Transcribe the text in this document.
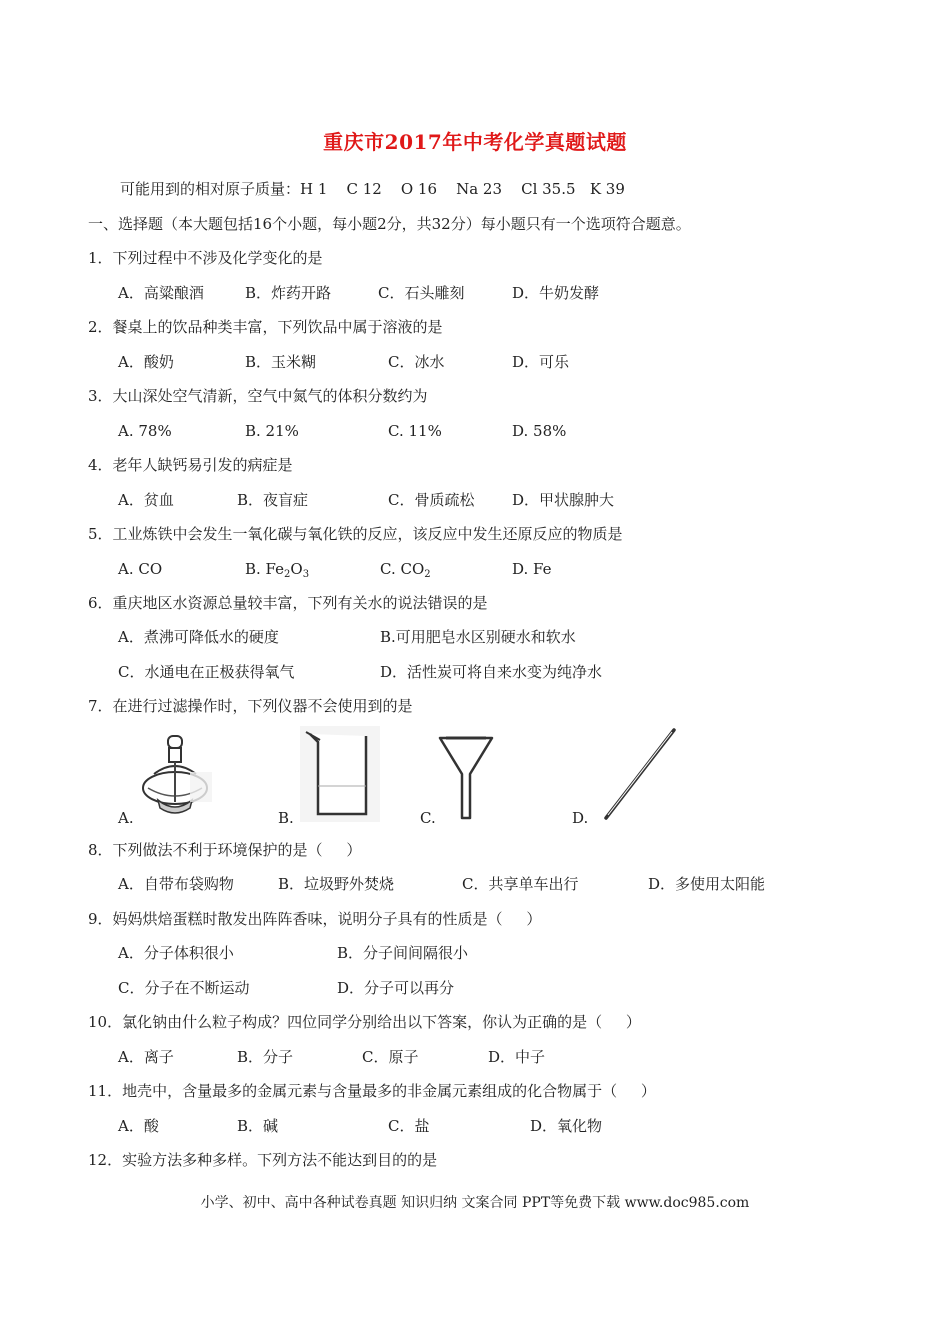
重庆市2017年中考化学真题试题
可能用到的相对原子质量：H 1    C 12    O 16    Na 23    Cl 35.5   K 39
一、选择题（本大题包括16个小题，每小题2分，共32分）每小题只有一个选项符合题意。
1．下列过程中不涉及化学变化的是
A．高粱酿酒	B．炸药开路	C．石头雕刻	D．牛奶发酵
2．餐桌上的饮品种类丰富，下列饮品中属于溶液的是
A．酸奶	B．玉米糊	C．冰水	D．可乐
3．大山深处空气清新，空气中氮气的体积分数约为
A. 78%	B. 21%	C. 11%	D. 58%
4．老年人缺钙易引发的病症是
A．贫血	B．夜盲症	C．骨质疏松	D．甲状腺肿大
5．工业炼铁中会发生一氧化碳与氧化铁的反应，该反应中发生还原反应的物质是
A. CO	B. $Fe_2O_3$	C. $CO_2$	D. Fe
6．重庆地区水资源总量较丰富，下列有关水的说法错误的是
A．煮沸可降低水的硬度	B.可用肥皂水区别硬水和软水
C．水通电在正极获得氧气	D．活性炭可将自来水变为纯净水
7．在进行过滤操作时，下列仪器不会使用到的是
A.	B.	C.	D.
8．下列做法不利于环境保护的是（     ）
A．自带布袋购物	B．垃圾野外焚烧	C．共享单车出行	D．多使用太阳能
9．妈妈烘焙蛋糕时散发出阵阵香味，说明分子具有的性质是（     ）
A．分子体积很小	B．分子间间隔很小
C．分子在不断运动	D．分子可以再分
10．氯化钠由什么粒子构成？四位同学分别给出以下答案，你认为正确的是（     ）
A．离子	B．分子	C．原子	D．中子
11．地壳中，含量最多的金属元素与含量最多的非金属元素组成的化合物属于（     ）
A．酸	B．碱	C．盐	D．氧化物
12．实验方法多种多样。下列方法不能达到目的的是
小学、初中、高中各种试卷真题 知识归纳 文案合同 PPT等免费下载 www.doc985.com
